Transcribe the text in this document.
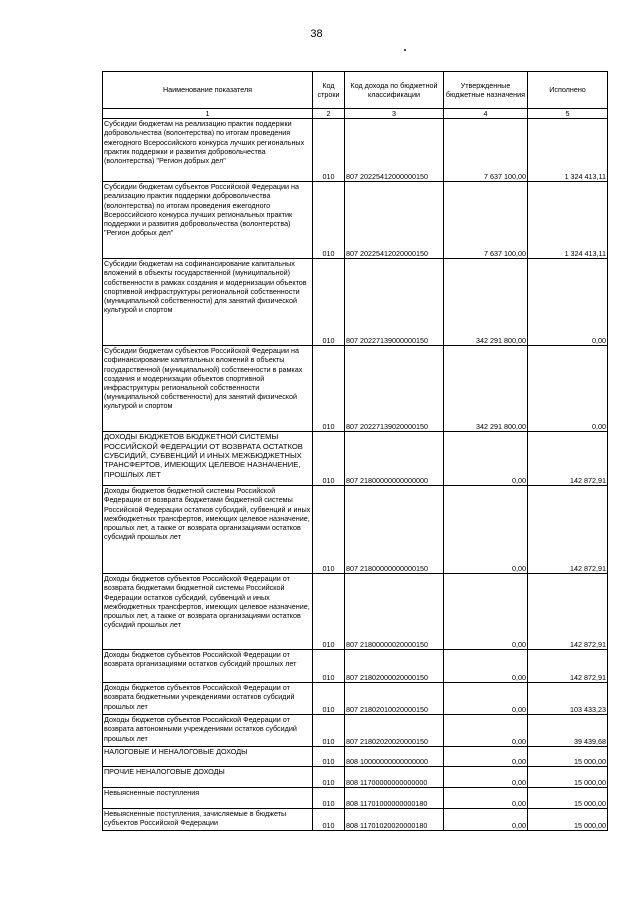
38
Наименование показателя	Код строки	Код дохода по бюджетной классификации	Утвержденные бюджетные назначения	Исполнено
1	2	3	4	5
Субсидии бюджетам на реализацию практик поддержки добровольчества (волонтерства) по итогам проведения ежегодного Всероссийского конкурса лучших региональных практик поддержки и развития добровольчества (волонтерства) "Регион добрых дел"	010	807 20225412000000150	7 637 100,00	1 324 413,11
Субсидии бюджетам субъектов Российской Федерации на реализацию практик поддержки добровольчества (волонтерства) по итогам проведения ежегодного Всероссийского конкурса лучших региональных практик поддержки и развития добровольчества (волонтерства) "Регион добрых дел"	010	807 20225412020000150	7 637 100,00	1 324 413,11
Субсидии бюджетам на софинансирование капитальных вложений в объекты государственной (муниципальной) собственности в рамках создания и модернизации объектов спортивной инфраструктуры региональной собственности (муниципальной собственности) для занятий физической культурой и спортом	010	807 20227139000000150	342 291 800,00	0,00
Субсидии бюджетам субъектов Российской Федерации на софинансирование капитальных вложений в объекты государственной (муниципальной) собственности в рамках создания и модернизации объектов спортивной инфраструктуры региональной собственности (муниципальной собственности) для занятий физической культурой и спортом	010	807 20227139020000150	342 291 800,00	0,00
ДОХОДЫ БЮДЖЕТОВ БЮДЖЕТНОЙ СИСТЕМЫ РОССИЙСКОЙ ФЕДЕРАЦИИ ОТ ВОЗВРАТА ОСТАТКОВ СУБСИДИЙ, СУБВЕНЦИЙ И ИНЫХ МЕЖБЮДЖЕТНЫХ ТРАНСФЕРТОВ, ИМЕЮЩИХ ЦЕЛЕВОЕ НАЗНАЧЕНИЕ, ПРОШЛЫХ ЛЕТ	010	807 21800000000000000	0,00	142 872,91
Доходы бюджетов бюджетной системы Российской Федерации от возврата бюджетами бюджетной системы Российской Федерации остатков субсидий, субвенций и иных межбюджетных трансфертов, имеющих целевое назначение, прошлых лет, а также от возврата организациями остатков субсидий прошлых лет	010	807 21800000000000150	0,00	142 872,91
Доходы бюджетов субъектов Российской Федерации от возврата бюджетами бюджетной системы Российской Федерации остатков субсидий, субвенций и иных межбюджетных трансфертов, имеющих целевое назначение, прошлых лет, а также от возврата организациями остатков субсидий прошлых лет	010	807 21800000020000150	0,00	142 872,91
Доходы бюджетов субъектов Российской Федерации от возврата организациями остатков субсидий прошлых лет	010	807 21802000020000150	0,00	142 872,91
Доходы бюджетов субъектов Российской Федерации от возврата бюджетными учреждениями остатков субсидий прошлых лет	010	807 21802010020000150	0,00	103 433,23
Доходы бюджетов субъектов Российской Федерации от возврата автономными учреждениями остатков субсидий прошлых лет	010	807 21802020020000150	0,00	39 439,68
НАЛОГОВЫЕ И НЕНАЛОГОВЫЕ ДОХОДЫ	010	808 10000000000000000	0,00	15 000,00
ПРОЧИЕ НЕНАЛОГОВЫЕ ДОХОДЫ	010	808 11700000000000000	0,00	15 000,00
Невыясненные поступления	010	808 11701000000000180	0,00	15 000,00
Невыясненные поступления, зачисляемые в бюджеты субъектов Российской Федерации	010	808 11701020020000180	0,00	15 000,00
